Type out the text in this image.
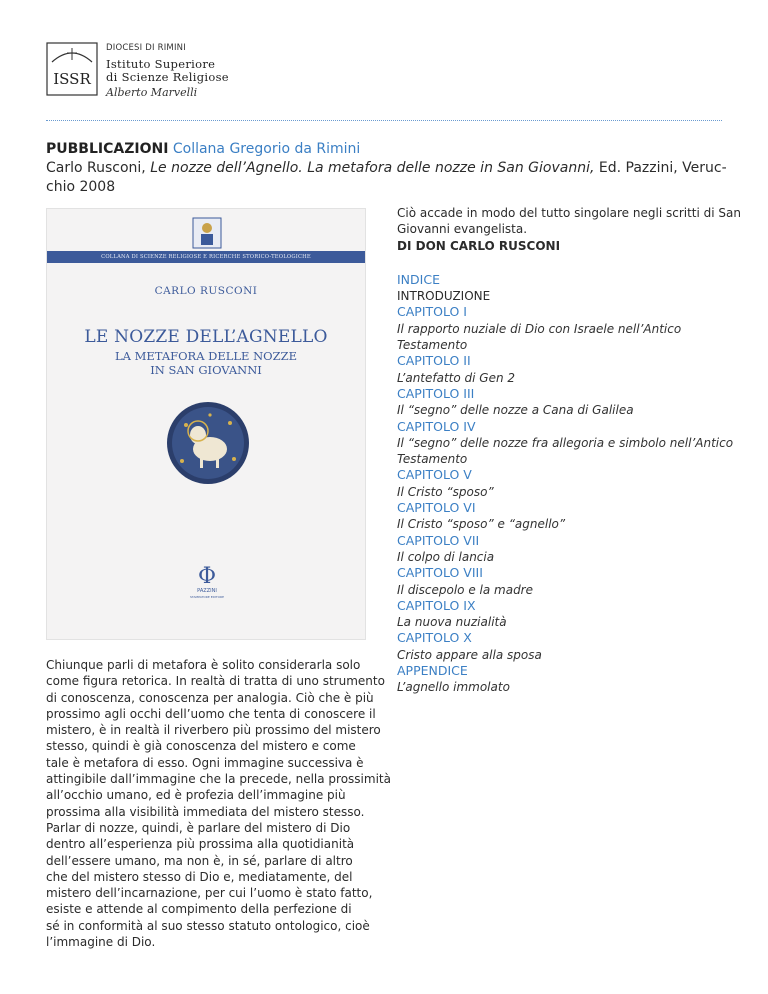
ISSR
DIOCESI DI RIMINI
Istituto Superiore
di Scienze Religiose
Alberto Marvelli
PUBBLICAZIONI Collana Gregorio da Rimini
Carlo Rusconi, Le nozze dell’Agnello. La metafora delle nozze in San Giovanni, Ed. Pazzini, Veruc-
chio 2008
COLLANA DI SCIENZE RELIGIOSE E RICERCHE STORICO-TEOLOGICHE
CARLO RUSCONI
LE NOZZE DELL’AGNELLO
LA METAFORA DELLE NOZZE
IN SAN GIOVANNI
Φ
PAZZINI
STAMPATORE EDITORE
Chiunque parli di metafora è solito considerarla solo
come figura retorica. In realtà di tratta di uno strumento
di conoscenza, conoscenza per analogia. Ciò che è più
prossimo agli occhi dell’uomo che tenta di conoscere il
mistero, è in realtà il riverbero più prossimo del mistero
stesso, quindi è già conoscenza del mistero e come
tale è metafora di esso. Ogni immagine successiva è
attingibile dall’immagine che la precede, nella prossimità
all’occhio umano, ed è profezia dell’immagine più
prossima alla visibilità immediata del mistero stesso.
Parlar di nozze, quindi, è parlare del mistero di Dio
dentro all’esperienza più prossima alla quotidianità
dell’essere umano, ma non è, in sé, parlare di altro
che del mistero stesso di Dio e, mediatamente, del
mistero dell’incarnazione, per cui l’uomo è stato fatto,
esiste e attende al compimento della perfezione di
sé in conformità al suo stesso statuto ontologico, cioè
l’immagine di Dio.
Ciò accade in modo del tutto singolare negli scritti di San
Giovanni evangelista.
DI DON CARLO RUSCONI
INDICE
INTRODUZIONE
CAPITOLO I
Il rapporto nuziale di Dio con Israele nell’Antico
Testamento
CAPITOLO II
L’antefatto di Gen 2
CAPITOLO III
Il “segno” delle nozze a Cana di Galilea
CAPITOLO IV
Il “segno” delle nozze fra allegoria e simbolo nell’Antico
Testamento
CAPITOLO V
Il Cristo “sposo”
CAPITOLO VI
Il Cristo “sposo” e “agnello”
CAPITOLO VII
Il colpo di lancia
CAPITOLO VIII
Il discepolo e la madre
CAPITOLO IX
La nuova nuzialità
CAPITOLO X
Cristo appare alla sposa
APPENDICE
L’agnello immolato
